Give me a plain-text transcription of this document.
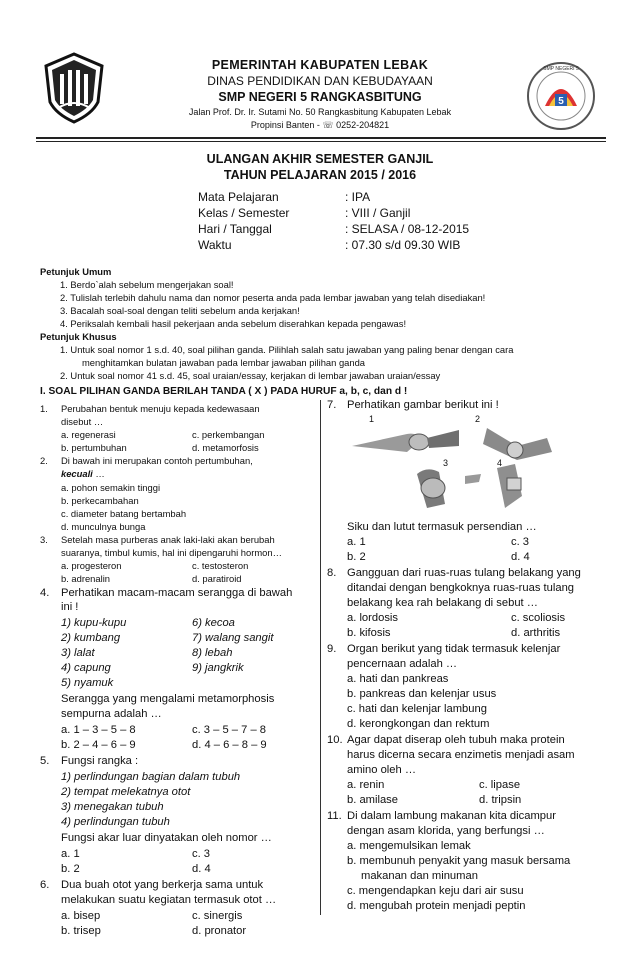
5
SMP NEGERI 5
PEMERINTAH KABUPATEN LEBAK
DINAS PENDIDIKAN DAN KEBUDAYAAN
SMP NEGERI 5 RANGKASBITUNG
Jalan Prof. Dr. Ir. Sutami No. 50 Rangkasbitung Kabupaten Lebak
Propinsi Banten - ☏ 0252-204821
ULANGAN AKHIR SEMESTER GANJIL
TAHUN PELAJARAN 2015 / 2016
Mata Pelajaran	: IPA
Kelas / Semester	: VIII / Ganjil
Hari / Tanggal	: SELASA / 08-12-2015
Waktu	: 07.30 s/d 09.30 WIB
Petunjuk Umum
1. Berdo`alah sebelum mengerjakan soal!
2. Tulislah terlebih dahulu nama dan nomor peserta anda pada lembar jawaban yang telah disediakan!
3. Bacalah soal-soal dengan teliti sebelum anda kerjakan!
4. Periksalah kembali hasil pekerjaan anda sebelum diserahkan kepada pengawas!
Petunjuk Khusus
1. Untuk soal nomor 1 s.d. 40, soal pilihan ganda. Pilihlah salah satu jawaban yang paling benar dengan cara
menghitamkan bulatan jawaban pada lembar jawaban pilihan ganda
2. Untuk soal nomor 41 s.d. 45, soal uraian/essay, kerjakan di lembar jawaban uraian/essay
I. SOAL PILIHAN GANDA BERILAH TANDA ( X ) PADA HURUF a, b, c, dan d !
1. Perubahan bentuk menuju kepada kedewasaan
disebut …
a. regenerasi	c. perkembangan
b. pertumbuhan	d. metamorfosis
2. Di bawah ini merupakan contoh pertumbuhan,
kecuali …
a. pohon semakin tinggi
b. perkecambahan
c. diameter batang bertambah
d. munculnya bunga
3. Setelah masa purberas anak laki-laki akan berubah
suaranya, timbul kumis, hal ini dipengaruhi hormon…
a. progesteron	c. testosteron
b. adrenalin	d. paratiroid
4. Perhatikan macam-macam serangga di bawah
ini !
1) kupu-kupu	6) kecoa
2) kumbang	7) walang sangit
3) lalat	8) lebah
4) capung	9) jangkrik
5) nyamuk
Serangga yang mengalami metamorphosis
sempurna adalah …
a. 1 – 3 – 5 – 8	c. 3 – 5 – 7 – 8
b. 2 – 4 – 6 – 9	d. 4 – 6 – 8 – 9
5. Fungsi rangka :
1) perlindungan bagian dalam tubuh
2) tempat melekatnya otot
3) menegakan tubuh
4) perlindungan tubuh
Fungsi akar luar dinyatakan oleh nomor …
a. 1	c. 3
b. 2	d. 4
6. Dua buah otot yang berkerja sama untuk
melakukan suatu kegiatan termasuk otot …
a. bisep	c. sinergis
b. trisep	d. pronator
7. Perhatikan gambar berikut ini !
1	2
3	4
Siku dan lutut termasuk persendian …
a. 1	c. 3
b. 2	d. 4
8. Gangguan dari ruas-ruas tulang belakang yang
ditandai dengan bengkoknya ruas-ruas tulang
belakang kea rah belakang di sebut …
a. lordosis	c. scoliosis
b. kifosis	d. arthritis
9. Organ berikut yang tidak termasuk kelenjar
pencernaan adalah …
a. hati dan pankreas
b. pankreas dan kelenjar usus
c. hati dan kelenjar lambung
d. kerongkongan dan rektum
10. Agar dapat diserap oleh tubuh maka protein
harus dicerna secara enzimetis menjadi asam
amino oleh …
a. renin	c. lipase
b. amilase	d. tripsin
11. Di dalam lambung makanan kita dicampur
dengan asam klorida, yang berfungsi …
a. mengemulsikan lemak
b. membunuh penyakit yang masuk bersama
makanan dan minuman
c. mengendapkan keju dari air susu
d. mengubah protein menjadi peptin
